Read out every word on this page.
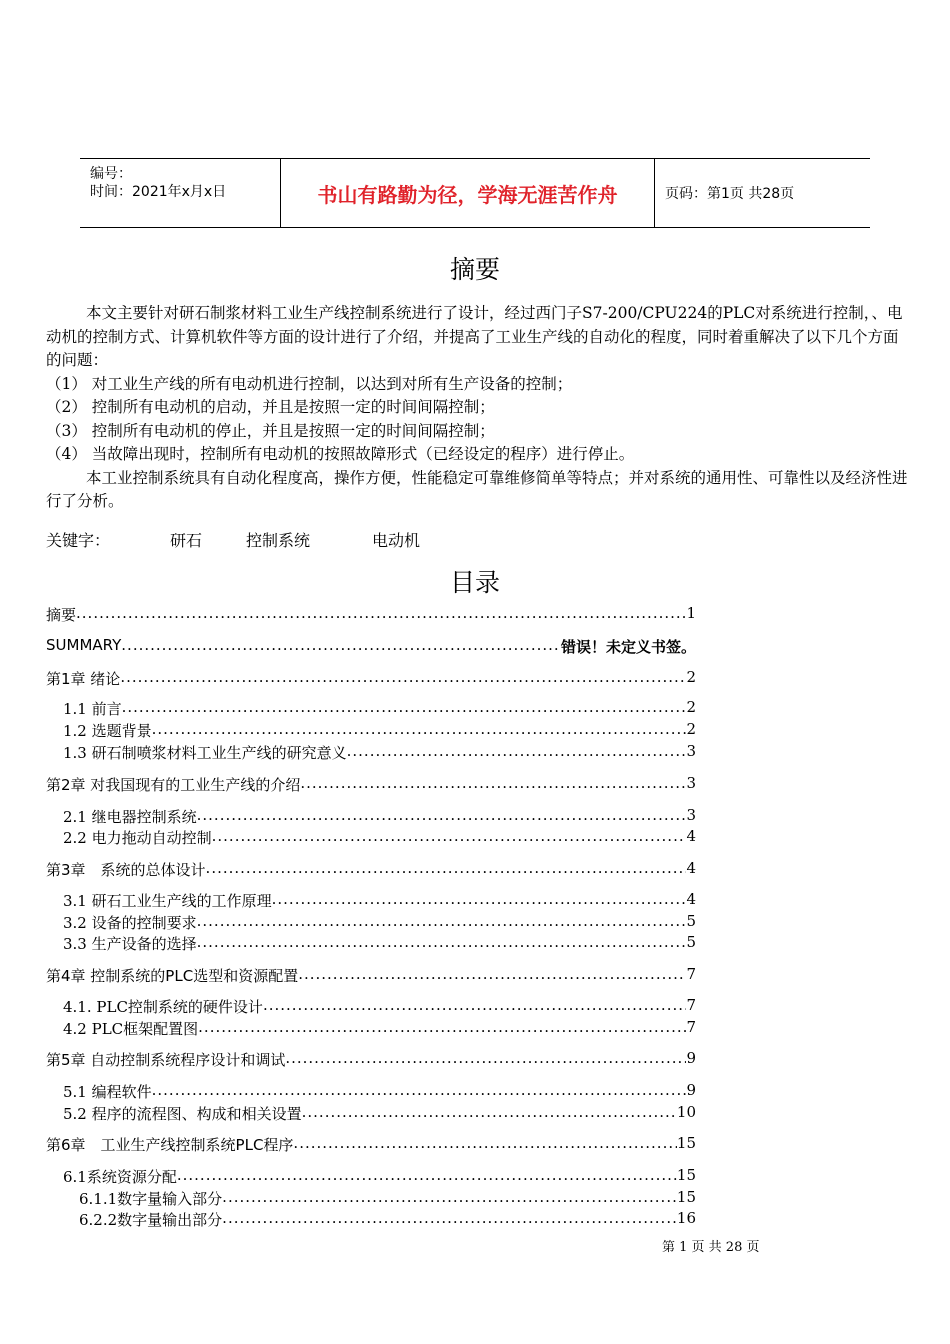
编号：
时间：2021年x月x日	书山有路勤为径，学海无涯苦作舟	页码：第1页 共28页
摘要

本文主要针对研石制浆材料工业生产线控制系统进行了设计，经过西门子S7-200/CPU224的PLC对系统进行控制，、电动机的控制方式、计算机软件等方面的设计进行了介绍，并提高了工业生产线的自动化的程度，同时着重解决了以下几个方面的问题：

（1） 对工业生产线的所有电动机进行控制，以达到对所有生产设备的控制；

（2） 控制所有电动机的启动，并且是按照一定的时间间隔控制；

（3） 控制所有电动机的停止，并且是按照一定的时间间隔控制；

（4） 当故障出现时，控制所有电动机的按照故障形式（已经设定的程序）进行停止。

本工业控制系统具有自动化程度高，操作方便，性能稳定可靠维修简单等特点；并对系统的通用性、可靠性以及经济性进行了分析。

关键字：	研石	控制系统	电动机
目录
摘要 .....	1
SUMMARY .....	错误！未定义书签。
第1章 绪论 .....	2
1.1 前言 .....	2
1.2 选题背景 .....	2
1.3 研石制喷浆材料工业生产线的研究意义 .....	3
第2章 对我国现有的工业生产线的介绍 .....	3
2.1 继电器控制系统 .....	3
2.2 电力拖动自动控制 .....	4
第3章　系统的总体设计 .....	4
3.1 研石工业生产线的工作原理 .....	4
3.2 设备的控制要求 .....	5
3.3 生产设备的选择 .....	5
第4章 控制系统的PLC选型和资源配置 .....	7
4.1. PLC控制系统的硬件设计 .....	7
4.2 PLC框架配置图 .....	7
第5章 自动控制系统程序设计和调试 .....	9
5.1 编程软件 .....	9
5.2 程序的流程图、构成和相关设置 .....	10
第6章　工业生产线控制系统PLC程序 .....	15
6.1系统资源分配 .....	15
6.1.1数字量输入部分 .....	15
6.2.2数字量输出部分 .....	16
第 1 页 共 28 页
